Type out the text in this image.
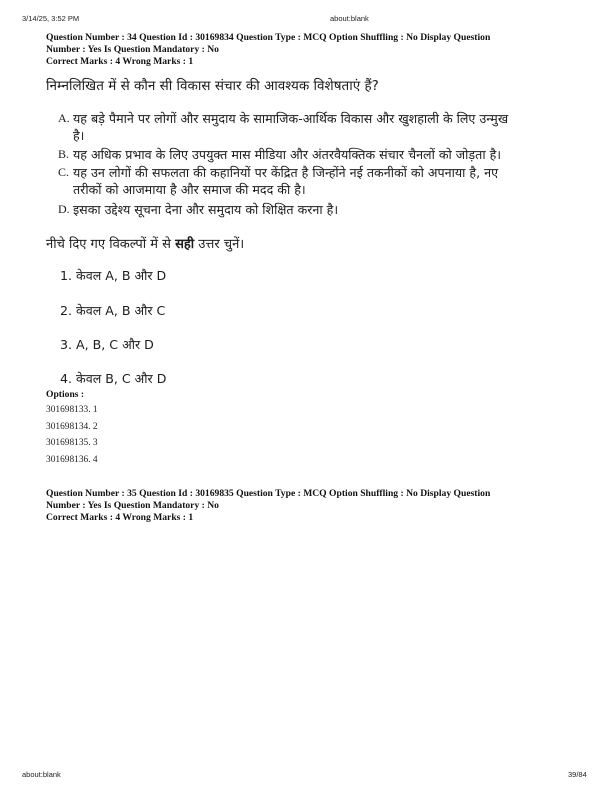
3/14/25, 3:52 PM	about:blank
Question Number : 34 Question Id : 30169834 Question Type : MCQ Option Shuffling : No Display Question
Number : Yes Is Question Mandatory : No
Correct Marks : 4 Wrong Marks : 1
निम्नलिखित में से कौन सी विकास संचार की आवश्यक विशेषताएं हैं?
A. यह बड़े पैमाने पर लोगों और समुदाय के सामाजिक-आर्थिक विकास और खुशहाली के लिए उन्मुख
है।
B. यह अधिक प्रभाव के लिए उपयुक्त मास मीडिया और अंतरवैयक्तिक संचार चैनलों को जोड़ता है।
C. यह उन लोगों की सफलता की कहानियों पर केंद्रित है जिन्होंने नई तकनीकों को अपनाया है, नए
तरीकों को आजमाया है और समाज की मदद की है।
D. इसका उद्देश्य सूचना देना और समुदाय को शिक्षित करना है।
नीचे दिए गए विकल्पों में से सही उत्तर चुनें।
1. केवल A, B और D
2. केवल A, B और C
3. A, B, C और D
4. केवल B, C और D
Options :
301698133. 1
301698134. 2
301698135. 3
301698136. 4
Question Number : 35 Question Id : 30169835 Question Type : MCQ Option Shuffling : No Display Question
Number : Yes Is Question Mandatory : No
Correct Marks : 4 Wrong Marks : 1
about:blank	39/84
